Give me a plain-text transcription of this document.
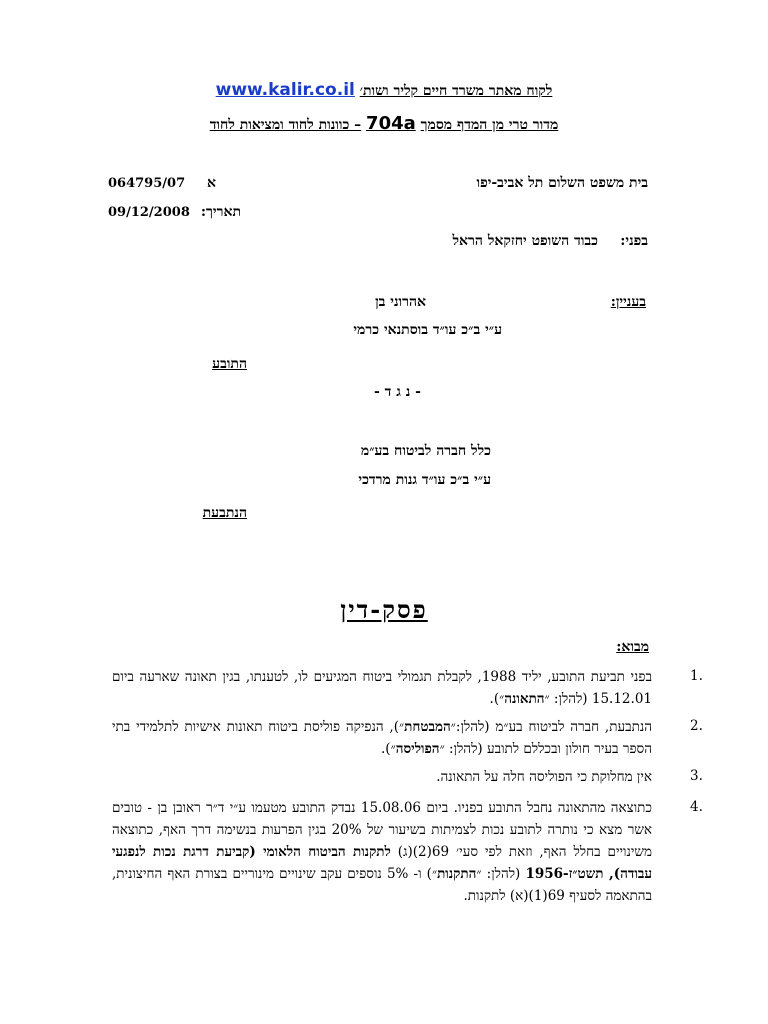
לקוח מאתר משרד חיים קליר ושות׳ www.kalir.co.il
מדור טרי מן המדף מסמך 704a – כוונות לחוד ומציאות לחוד
בית משפט השלום תל אביב-יפו
א
064795/07
תאריך:
09/12/2008
בפני:
כבוד השופט יחזקאל הראל
בעניין:
אהרוני בן
ע״י ב״כ עו״ד בוסתנאי כרמי
התובע
- נ ג ד -
כלל חברה לביטוח בע״מ
ע״י ב״כ עו״ד גנות מרדכי
הנתבעת
פסק-דין
מבוא:
1.
בפני תביעת התובע, יליד 1988, לקבלת תגמולי ביטוח המגיעים לו, לטענתו, בגין תאונה שארעה ביום 15.12.01 (להלן: ״התאונה״).
2.
הנתבעת, חברה לביטוח בע״מ (להלן:״המבטחת״), הנפיקה פוליסת ביטוח תאונות אישיות לתלמידי בתי הספר בעיר חולון ובכללם לתובע (להלן: ״הפוליסה״).
3.
אין מחלוקת כי הפוליסה חלה על התאונה.
4.
כתוצאה מהתאונה נחבל התובע בפניו. ביום 15.08.06 נבדק התובע מטעמו ע״י ד״ר ראובן בן - טובים אשר מצא כי נותרה לתובע נכות לצמיתות בשיעור של 20% בגין הפרעות בנשימה דרך האף, כתוצאה משינויים בחלל האף, וזאת לפי סעי׳ 69(2)(ג) לתקנות הביטוח הלאומי (קביעת דרגת נכות לנפגעי עבודה), תשט״ז-1956 (להלן: ״התקנות״) ו- 5% נוספים עקב שינויים מינוריים בצורת האף החיצונית, בהתאמה לסעיף 69(1)(א) לתקנות.
